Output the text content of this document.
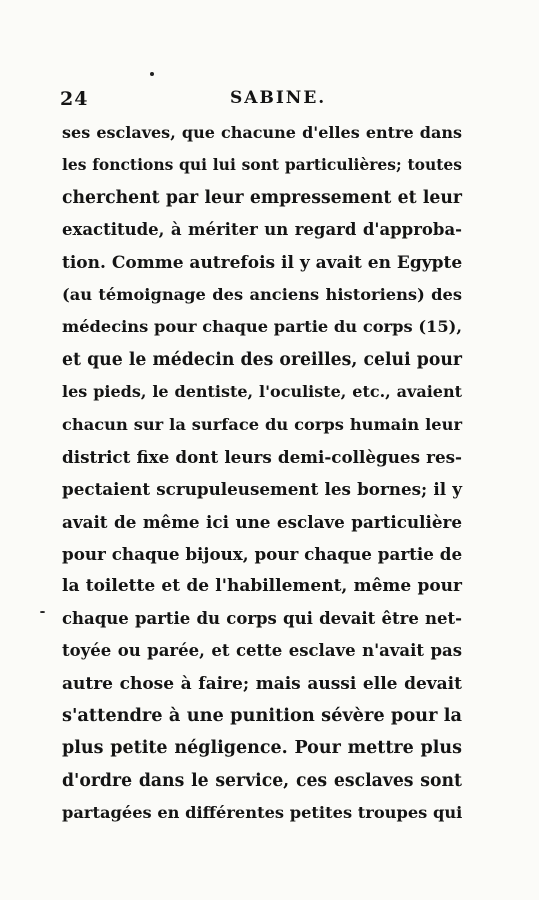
24	SABINE.
ses esclaves, que chacune d'elles entre dans
les fonctions qui lui sont particulières; toutes
cherchent par leur empressement et leur
exactitude, à mériter un regard d'approba-
tion. Comme autrefois il y avait en Egypte
(au témoignage des anciens historiens) des
médecins pour chaque partie du corps (15),
et que le médecin des oreilles, celui pour
les pieds, le dentiste, l'oculiste, etc., avaient
chacun sur la surface du corps humain leur
district fixe dont leurs demi-collègues res-
pectaient scrupuleusement les bornes; il y
avait de même ici une esclave particulière
pour chaque bijoux, pour chaque partie de
la toilette et de l'habillement, même pour
chaque partie du corps qui devait être net-
toyée ou parée, et cette esclave n'avait pas
autre chose à faire; mais aussi elle devait
s'attendre à une punition sévère pour la
plus petite négligence. Pour mettre plus
d'ordre dans le service, ces esclaves sont
partagées en différentes petites troupes qui
